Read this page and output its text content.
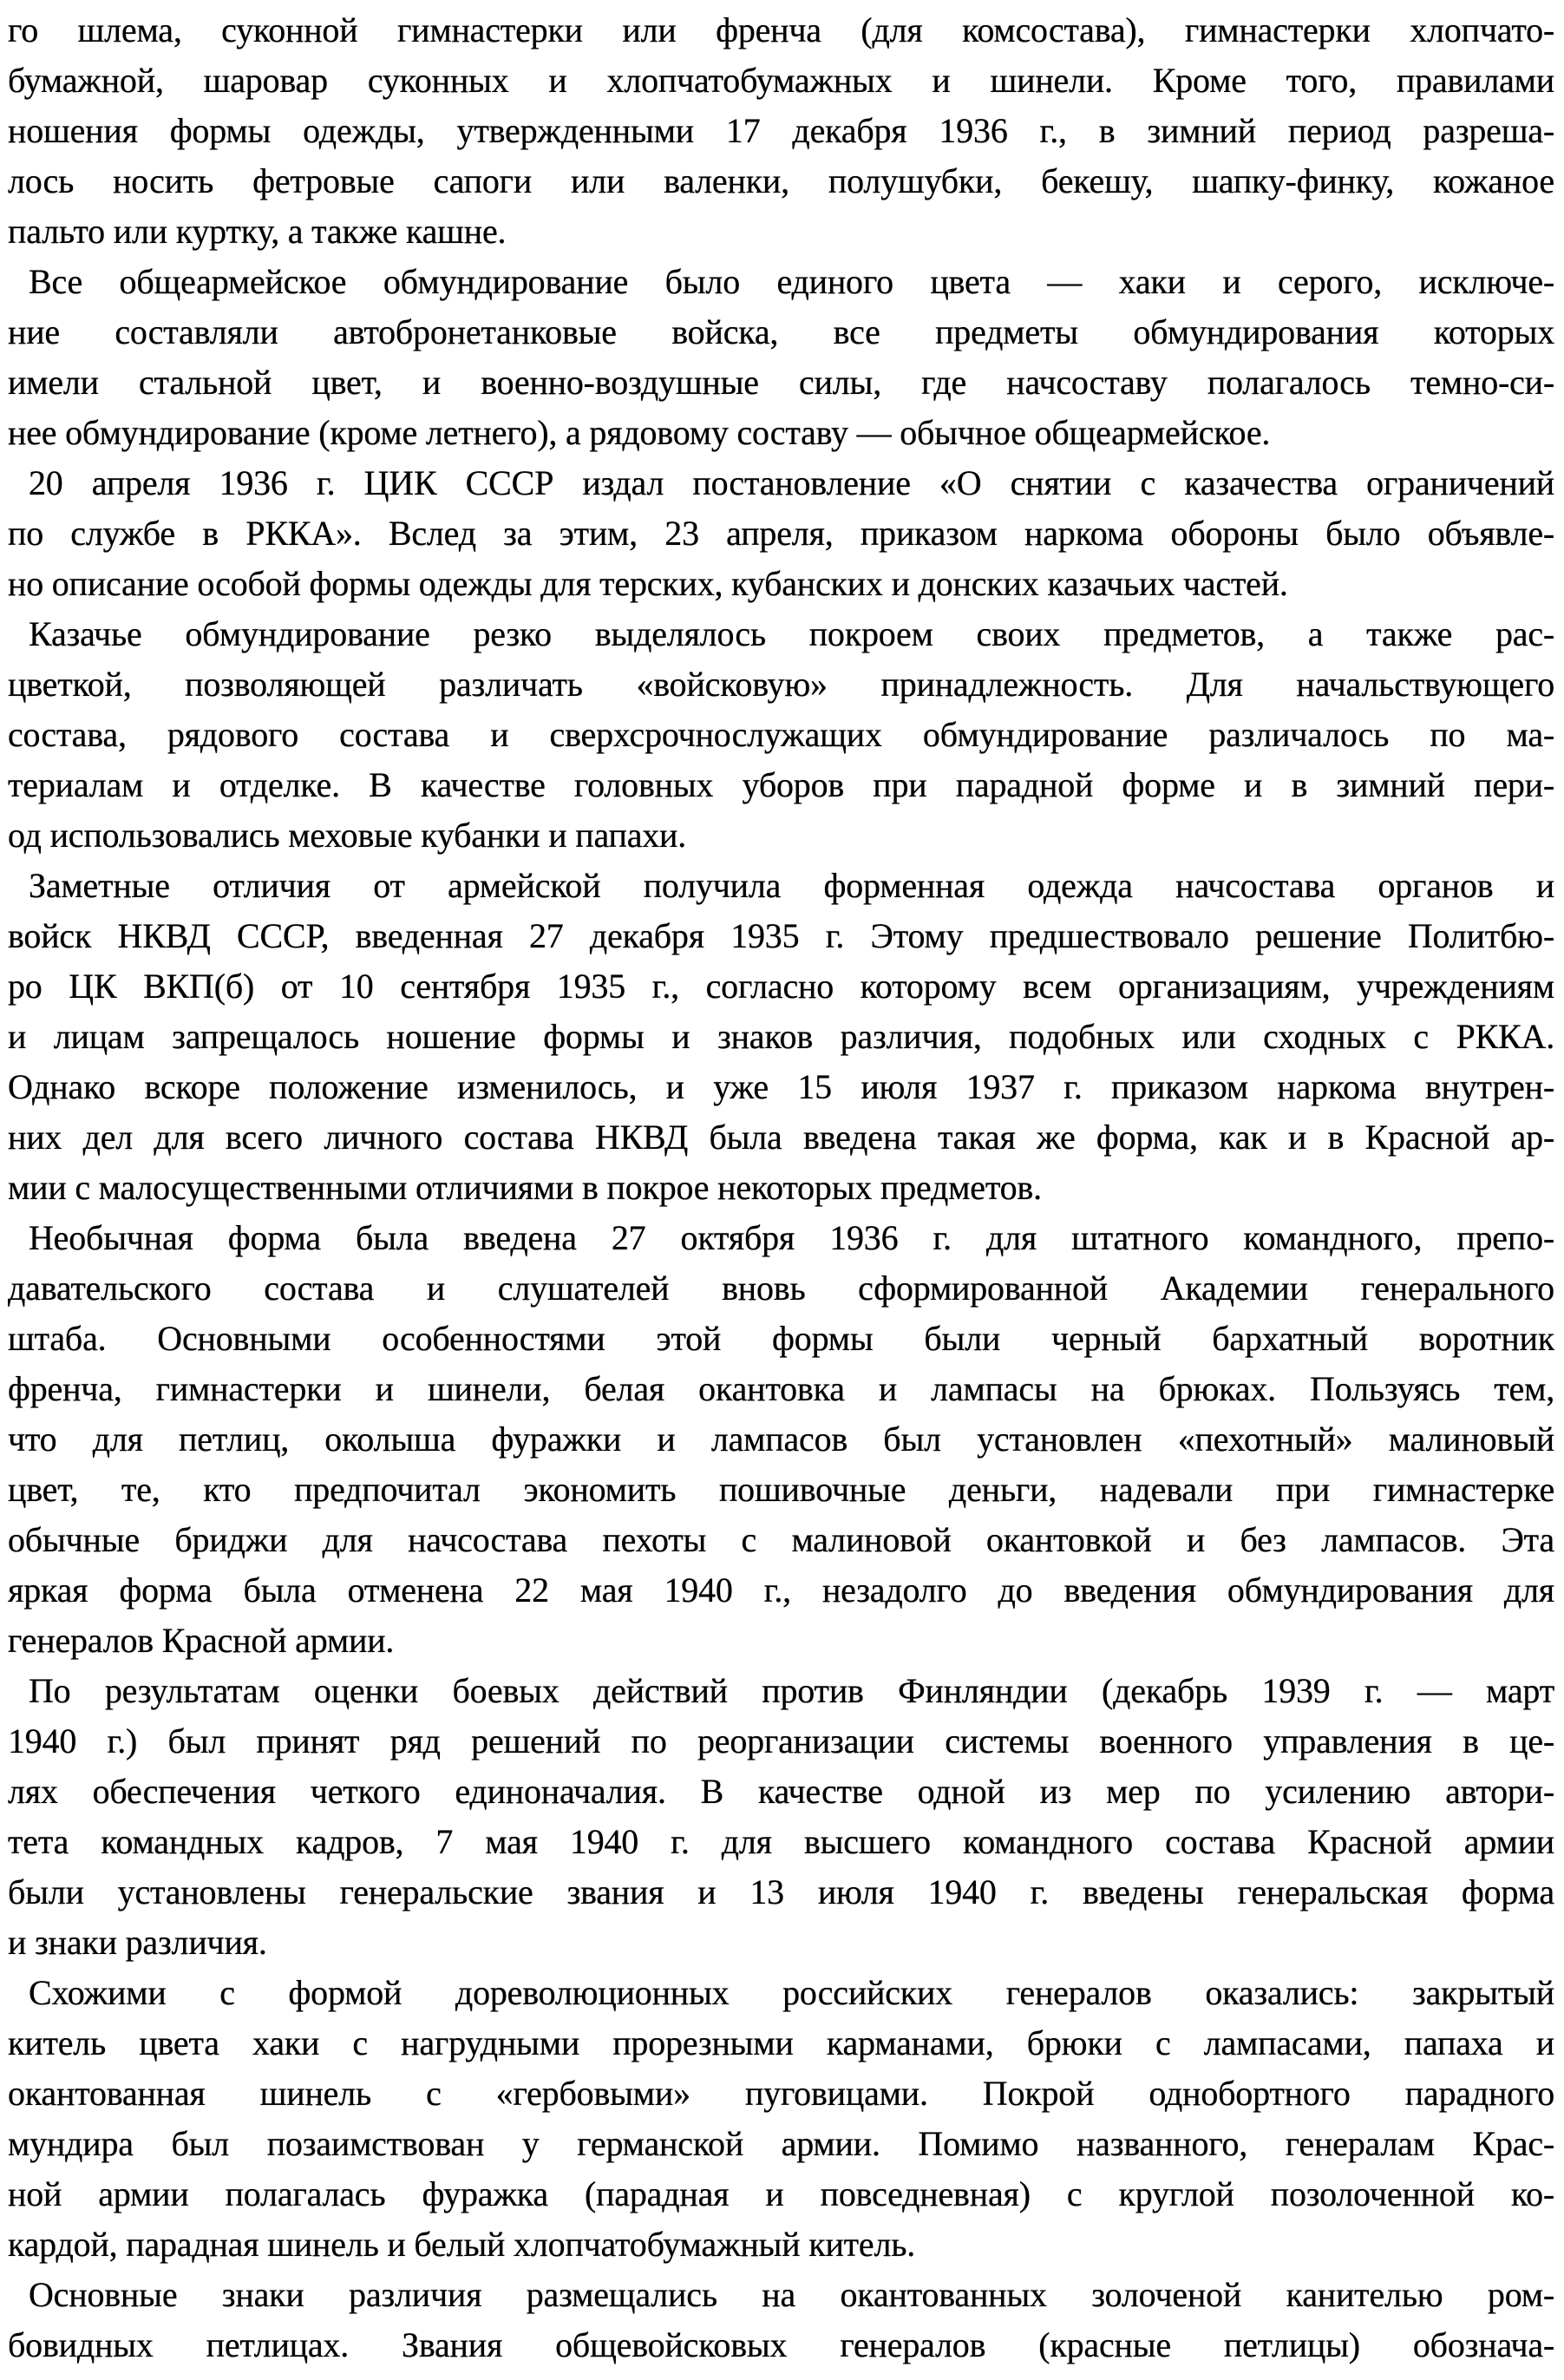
го шлема, суконной гимнастерки или френча (для комсостава), гимнастерки хлопчато-
бумажной, шаровар суконных и хлопчатобумажных и шинели. Кроме того, правилами
ношения формы одежды, утвержденными 17 декабря 1936 г., в зимний период разреша-
лось носить фетровые сапоги или валенки, полушубки, бекешу, шапку-финку, кожаное
пальто или куртку, а также кашне.
Все общеармейское обмундирование было единого цвета — хаки и серого, исключе-
ние составляли автобронетанковые войска, все предметы обмундирования которых
имели стальной цвет, и военно-воздушные силы, где начсоставу полагалось темно-си-
нее обмундирование (кроме летнего), а рядовому составу — обычное общеармейское.
20 апреля 1936 г. ЦИК СССР издал постановление «О снятии с казачества ограничений
по службе в РККА». Вслед за этим, 23 апреля, приказом наркома обороны было объявле-
но описание особой формы одежды для терских, кубанских и донских казачьих частей.
Казачье обмундирование резко выделялось покроем своих предметов, а также рас-
цветкой, позволяющей различать «войсковую» принадлежность. Для начальствующего
состава, рядового состава и сверхсрочнослужащих обмундирование различалось по ма-
териалам и отделке. В качестве головных уборов при парадной форме и в зимний пери-
од использовались меховые кубанки и папахи.
Заметные отличия от армейской получила форменная одежда начсостава органов и
войск НКВД СССР, введенная 27 декабря 1935 г. Этому предшествовало решение Политбю-
ро ЦК ВКП(б) от 10 сентября 1935 г., согласно которому всем организациям, учреждениям
и лицам запрещалось ношение формы и знаков различия, подобных или сходных с РККА.
Однако вскоре положение изменилось, и уже 15 июля 1937 г. приказом наркома внутрен-
них дел для всего личного состава НКВД была введена такая же форма, как и в Красной ар-
мии с малосущественными отличиями в покрое некоторых предметов.
Необычная форма была введена 27 октября 1936 г. для штатного командного, препо-
давательского состава и слушателей вновь сформированной Академии генерального
штаба. Основными особенностями этой формы были черный бархатный воротник
френча, гимнастерки и шинели, белая окантовка и лампасы на брюках. Пользуясь тем,
что для петлиц, околыша фуражки и лампасов был установлен «пехотный» малиновый
цвет, те, кто предпочитал экономить пошивочные деньги, надевали при гимнастерке
обычные бриджи для начсостава пехоты с малиновой окантовкой и без лампасов. Эта
яркая форма была отменена 22 мая 1940 г., незадолго до введения обмундирования для
генералов Красной армии.
По результатам оценки боевых действий против Финляндии (декабрь 1939 г. — март
1940 г.) был принят ряд решений по реорганизации системы военного управления в це-
лях обеспечения четкого единоначалия. В качестве одной из мер по усилению автори-
тета командных кадров, 7 мая 1940 г. для высшего командного состава Красной армии
были установлены генеральские звания и 13 июля 1940 г. введены генеральская форма
и знаки различия.
Схожими с формой дореволюционных российских генералов оказались: закрытый
китель цвета хаки с нагрудными прорезными карманами, брюки с лампасами, папаха и
окантованная шинель с «гербовыми» пуговицами. Покрой однобортного парадного
мундира был позаимствован у германской армии. Помимо названного, генералам Крас-
ной армии полагалась фуражка (парадная и повседневная) с круглой позолоченной ко-
кардой, парадная шинель и белый хлопчатобумажный китель.
Основные знаки различия размещались на окантованных золоченой канителью ром-
бовидных петлицах. Звания общевойсковых генералов (красные петлицы) обознача-
